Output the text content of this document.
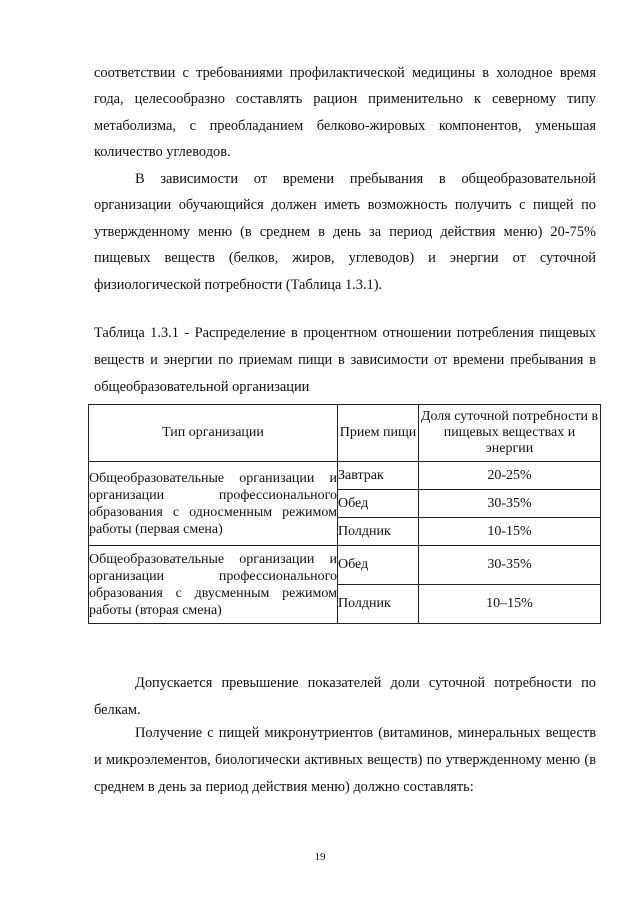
соответствии с требованиями профилактической медицины в холодное время года, целесообразно составлять рацион применительно к северному типу метаболизма, с преобладанием белково-жировых компонентов, уменьшая количество углеводов.

В зависимости от времени пребывания в общеобразовательной организации обучающийся должен иметь возможность получить с пищей по утвержденному меню (в среднем в день за период действия меню) 20-75% пищевых веществ (белков, жиров, углеводов) и энергии от суточной физиологической потребности (Таблица 1.3.1).

Таблица 1.3.1 - Распределение в процентном отношении потребления пищевых веществ и энергии по приемам пищи в зависимости от времени пребывания в общеобразовательной организации

Тип организации	Прием пищи	Доля суточной потребности в пищевых веществах и энергии
Общеобразовательные организации и организации профессионального образования с односменным режимом работы (первая смена)	Завтрак	20-25%
	Обед	30-35%
	Полдник	10-15%
Общеобразовательные организации и организации профессионального образования с двусменным режимом работы (вторая смена)	Обед	30-35%
	Полдник	10–15%

Допускается превышение показателей доли суточной потребности по белкам.

Получение с пищей микронутриентов (витаминов, минеральных веществ и микроэлементов, биологически активных веществ) по утвержденному меню (в среднем в день за период действия меню) должно составлять:

19
